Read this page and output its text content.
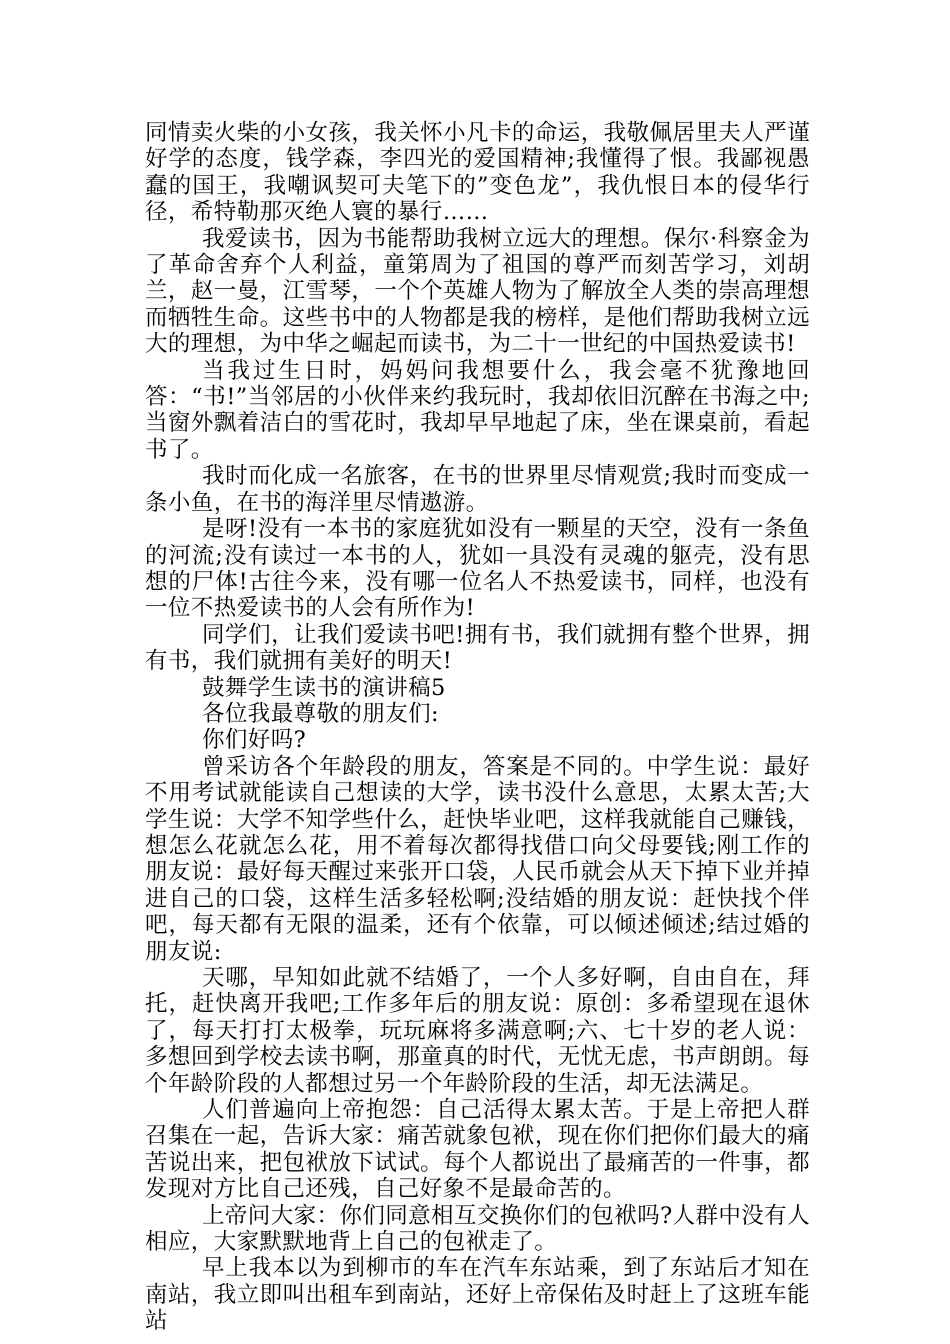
同情卖火柴的小女孩，我关怀小凡卡的命运，我敬佩居里夫人严谨好学的态度，钱学森，李四光的爱国精神;我懂得了恨。我鄙视愚蠢的国王，我嘲讽契可夫笔下的”变色龙”，我仇恨日本的侵华行径，希特勒那灭绝人寰的暴行……

我爱读书，因为书能帮助我树立远大的理想。保尔·科察金为了革命舍弃个人利益，童第周为了祖国的尊严而刻苦学习，刘胡兰，赵一曼，江雪琴，一个个英雄人物为了解放全人类的崇高理想而牺牲生命。这些书中的人物都是我的榜样，是他们帮助我树立远大的理想，为中华之崛起而读书，为二十一世纪的中国热爱读书!

当我过生日时，妈妈问我想要什么，我会毫不犹豫地回答：“书!”当邻居的小伙伴来约我玩时，我却依旧沉醉在书海之中;当窗外飘着洁白的雪花时，我却早早地起了床，坐在课桌前，看起书了。

我时而化成一名旅客，在书的世界里尽情观赏;我时而变成一条小鱼，在书的海洋里尽情遨游。

是呀!没有一本书的家庭犹如没有一颗星的天空，没有一条鱼的河流;没有读过一本书的人，犹如一具没有灵魂的躯壳，没有思想的尸体!古往今来，没有哪一位名人不热爱读书，同样，也没有一位不热爱读书的人会有所作为!

同学们，让我们爱读书吧!拥有书，我们就拥有整个世界，拥有书，我们就拥有美好的明天!

鼓舞学生读书的演讲稿5

各位我最尊敬的朋友们:

你们好吗?

曾采访各个年龄段的朋友，答案是不同的。中学生说：最好不用考试就能读自己想读的大学，读书没什么意思，太累太苦;大学生说：大学不知学些什么，赶快毕业吧，这样我就能自己赚钱，想怎么花就怎么花，用不着每次都得找借口向父母要钱;刚工作的朋友说：最好每天醒过来张开口袋，人民币就会从天下掉下业并掉进自己的口袋，这样生活多轻松啊;没结婚的朋友说：赶快找个伴吧，每天都有无限的温柔，还有个依靠，可以倾述倾述;结过婚的朋友说:

天哪，早知如此就不结婚了，一个人多好啊，自由自在，拜托，赶快离开我吧;工作多年后的朋友说：原创：多希望现在退休了，每天打打太极拳，玩玩麻将多满意啊;六、七十岁的老人说：多想回到学校去读书啊，那童真的时代，无忧无虑，书声朗朗。每个年龄阶段的人都想过另一个年龄阶段的生活，却无法满足。

人们普遍向上帝抱怨：自己活得太累太苦。于是上帝把人群召集在一起，告诉大家：痛苦就象包袱，现在你们把你们最大的痛苦说出来，把包袱放下试试。每个人都说出了最痛苦的一件事，都发现对方比自己还残，自己好象不是最命苦的。

上帝问大家：你们同意相互交换你们的包袱吗?人群中没有人相应，大家默默地背上自己的包袱走了。

早上我本以为到柳市的车在汽车东站乘，到了东站后才知在南站，我立即叫出租车到南站，还好上帝保佑及时赶上了这班车能站
